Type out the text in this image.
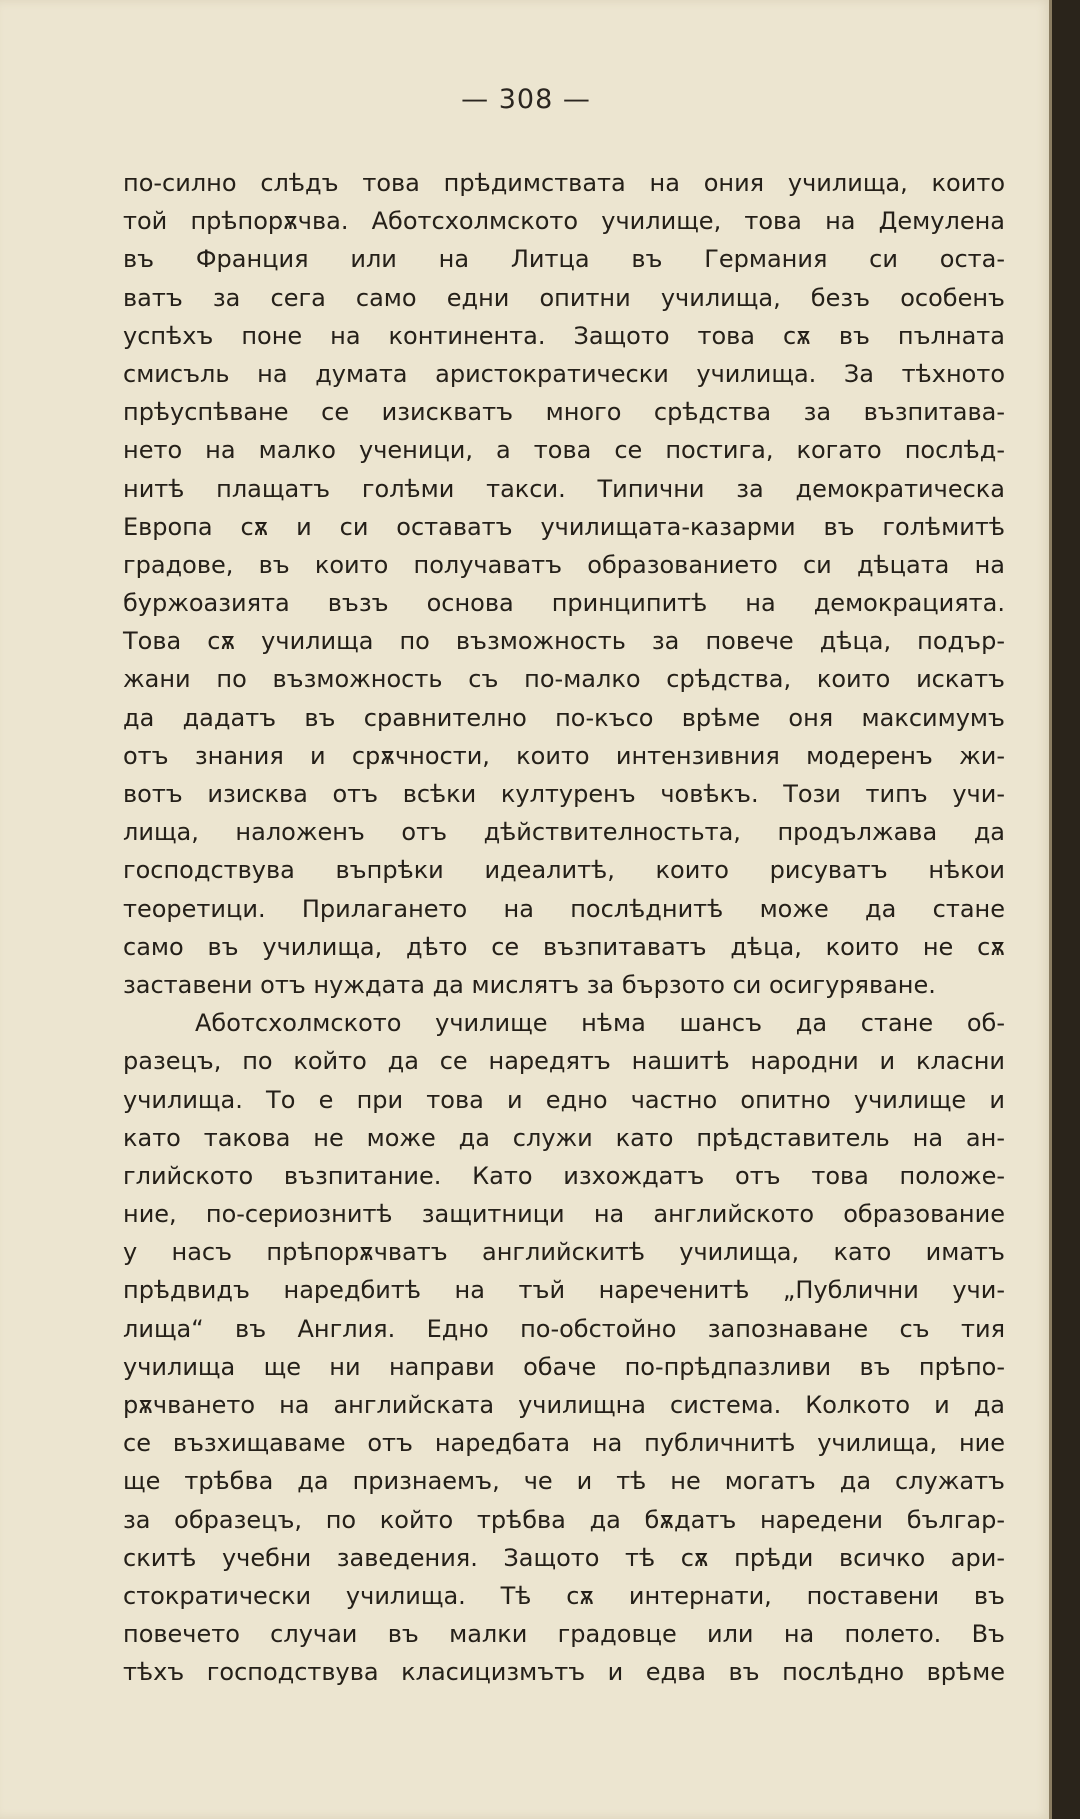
— 308 —
по-силно слѣдъ това прѣдимствата на ония училища, които
той прѣпорѫчва. Аботсхолмското училище, това на Демулена
въ Франция или на Литца въ Германия си оста-
ватъ за сега само едни опитни училища, безъ особенъ
успѣхъ поне на континента. Защото това сѫ въ пълната
смисъль на думата аристократически училища. За тѣхното
прѣуспѣване се изискватъ много срѣдства за възпитава-
нето на малко ученици, а това се постига, когато послѣд-
нитѣ плащатъ голѣми такси. Типични за демократическа
Европа сѫ и си оставатъ училищата-казарми въ голѣмитѣ
градове, въ които получаватъ образованието си дѣцата на
буржоазията възъ основа принципитѣ на демокрацията.
Това сѫ училища по възможность за повече дѣца, подър-
жани по възможность съ по-малко срѣдства, които искатъ
да дадатъ въ сравнително по-късо врѣме оня максимумъ
отъ знания и срѫчности, които интензивния модеренъ жи-
вотъ изисква отъ всѣки културенъ човѣкъ. Този типъ учи-
лища, наложенъ отъ дѣйствителностьта, продължава да
господствува въпрѣки идеалитѣ, които рисуватъ нѣкои
теоретици. Прилагането на послѣднитѣ може да стане
само въ училища, дѣто се възпитаватъ дѣца, които не сѫ
заставени отъ нуждата да мислятъ за бързото си осигуряване.
Аботсхолмското училище нѣма шансъ да стане об-
разецъ, по който да се наредятъ нашитѣ народни и класни
училища. То е при това и едно частно опитно училище и
като такова не може да служи като прѣдставитель на ан-
глийското възпитание. Като изхождатъ отъ това положе-
ние, по-сериознитѣ защитници на английското образование
у насъ прѣпорѫчватъ английскитѣ училища, като иматъ
прѣдвидъ наредбитѣ на тъй нареченитѣ „Публични учи-
лища“ въ Англия. Едно по-обстойно запознаване съ тия
училища ще ни направи обаче по-прѣдпазливи въ прѣпо-
рѫчването на английската училищна система. Колкото и да
се възхищаваме отъ наредбата на публичнитѣ училища, ние
ще трѣбва да признаемъ, че и тѣ не могатъ да служатъ
за образецъ, по който трѣбва да бѫдатъ наредени българ-
скитѣ учебни заведения. Защото тѣ сѫ прѣди всичко ари-
стократически училища. Тѣ сѫ интернати, поставени въ
повечето случаи въ малки градовце или на полето. Въ
тѣхъ господствува класицизмътъ и едва въ послѣдно врѣме
